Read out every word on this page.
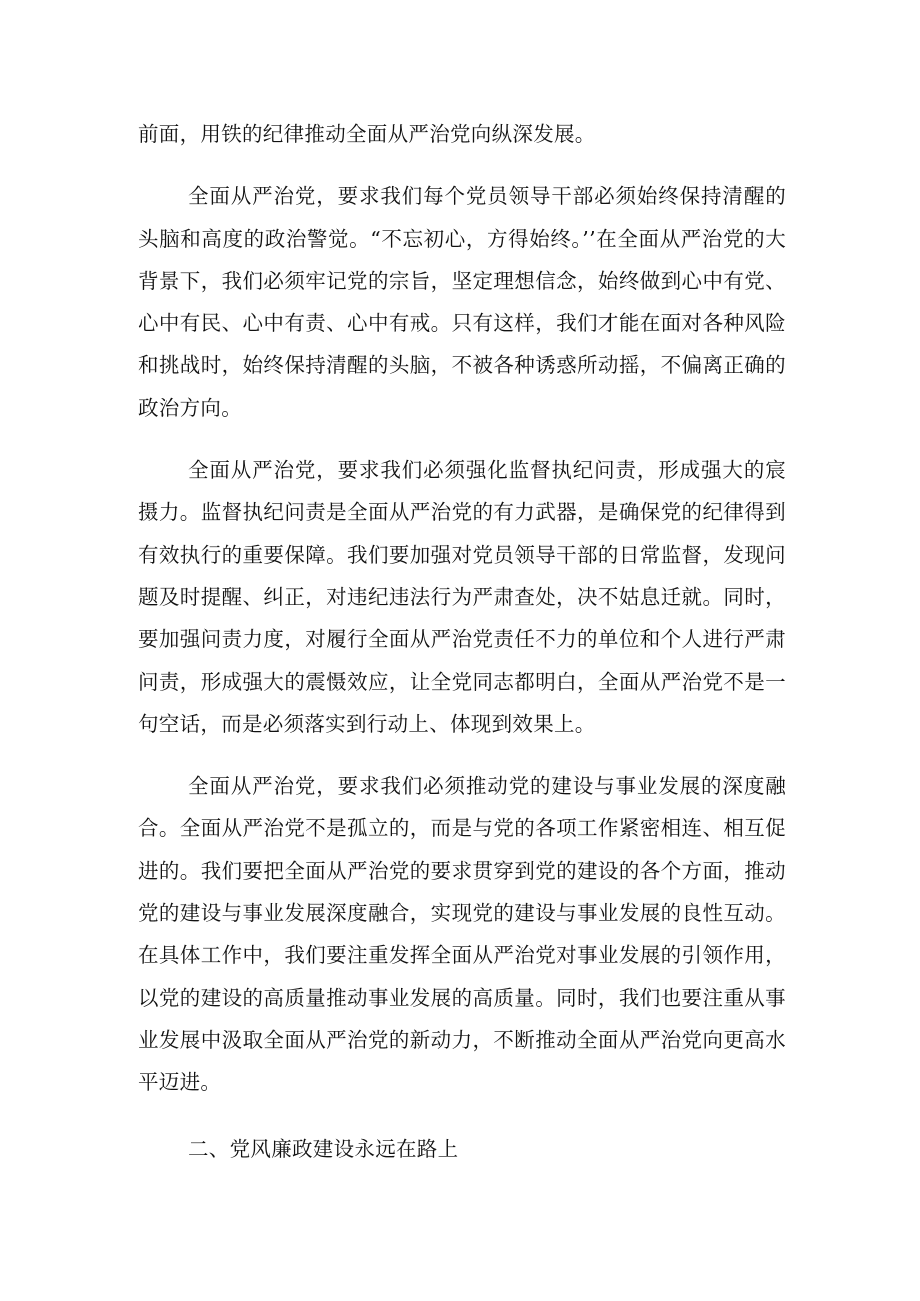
前面，用铁的纪律推动全面从严治党向纵深发展。

全面从严治党，要求我们每个党员领导干部必须始终保持清醒的头脑和高度的政治警觉。“不忘初心，方得始终。’’在全面从严治党的大背景下，我们必须牢记党的宗旨，坚定理想信念，始终做到心中有党、心中有民、心中有责、心中有戒。只有这样，我们才能在面对各种风险和挑战时，始终保持清醒的头脑，不被各种诱惑所动摇，不偏离正确的政治方向。

全面从严治党，要求我们必须强化监督执纪问责，形成强大的宸摄力。监督执纪问责是全面从严治党的有力武器，是确保党的纪律得到有效执行的重要保障。我们要加强对党员领导干部的日常监督，发现问题及时提醒、纠正，对违纪违法行为严肃查处，决不姑息迁就。同时，要加强问责力度，对履行全面从严治党责任不力的单位和个人进行严肃问责，形成强大的震慑效应，让全党同志都明白，全面从严治党不是一句空话，而是必须落实到行动上、体现到效果上。

全面从严治党，要求我们必须推动党的建设与事业发展的深度融合。全面从严治党不是孤立的，而是与党的各项工作紧密相连、相互促进的。我们要把全面从严治党的要求贯穿到党的建设的各个方面，推动党的建设与事业发展深度融合，实现党的建设与事业发展的良性互动。在具体工作中，我们要注重发挥全面从严治党对事业发展的引领作用，以党的建设的高质量推动事业发展的高质量。同时，我们也要注重从事业发展中汲取全面从严治党的新动力，不断推动全面从严治党向更高水平迈进。

二、党风廉政建设永远在路上
